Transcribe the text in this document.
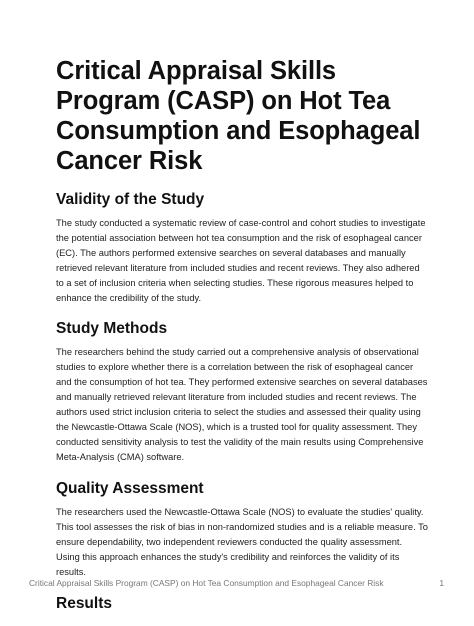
Critical Appraisal Skills Program (CASP) on Hot Tea Consumption and Esophageal Cancer Risk
Validity of the Study

The study conducted a systematic review of case-control and cohort studies to investigate the potential association between hot tea consumption and the risk of esophageal cancer (EC). The authors performed extensive searches on several databases and manually retrieved relevant literature from included studies and recent reviews. They also adhered to a set of inclusion criteria when selecting studies. These rigorous measures helped to enhance the credibility of the study.

Study Methods

The researchers behind the study carried out a comprehensive analysis of observational studies to explore whether there is a correlation between the risk of esophageal cancer and the consumption of hot tea. They performed extensive searches on several databases and manually retrieved relevant literature from included studies and recent reviews. The authors used strict inclusion criteria to select the studies and assessed their quality using the Newcastle-Ottawa Scale (NOS), which is a trusted tool for quality assessment. They conducted sensitivity analysis to test the validity of the main results using Comprehensive Meta-Analysis (CMA) software.

Quality Assessment

The researchers used the Newcastle-Ottawa Scale (NOS) to evaluate the studies' quality. This tool assesses the risk of bias in non-randomized studies and is a reliable measure. To ensure dependability, two independent reviewers conducted the quality assessment. Using this approach enhances the study's credibility and reinforces the validity of its results.

Results
Critical Appraisal Skills Program (CASP) on Hot Tea Consumption and Esophageal Cancer Risk	1
